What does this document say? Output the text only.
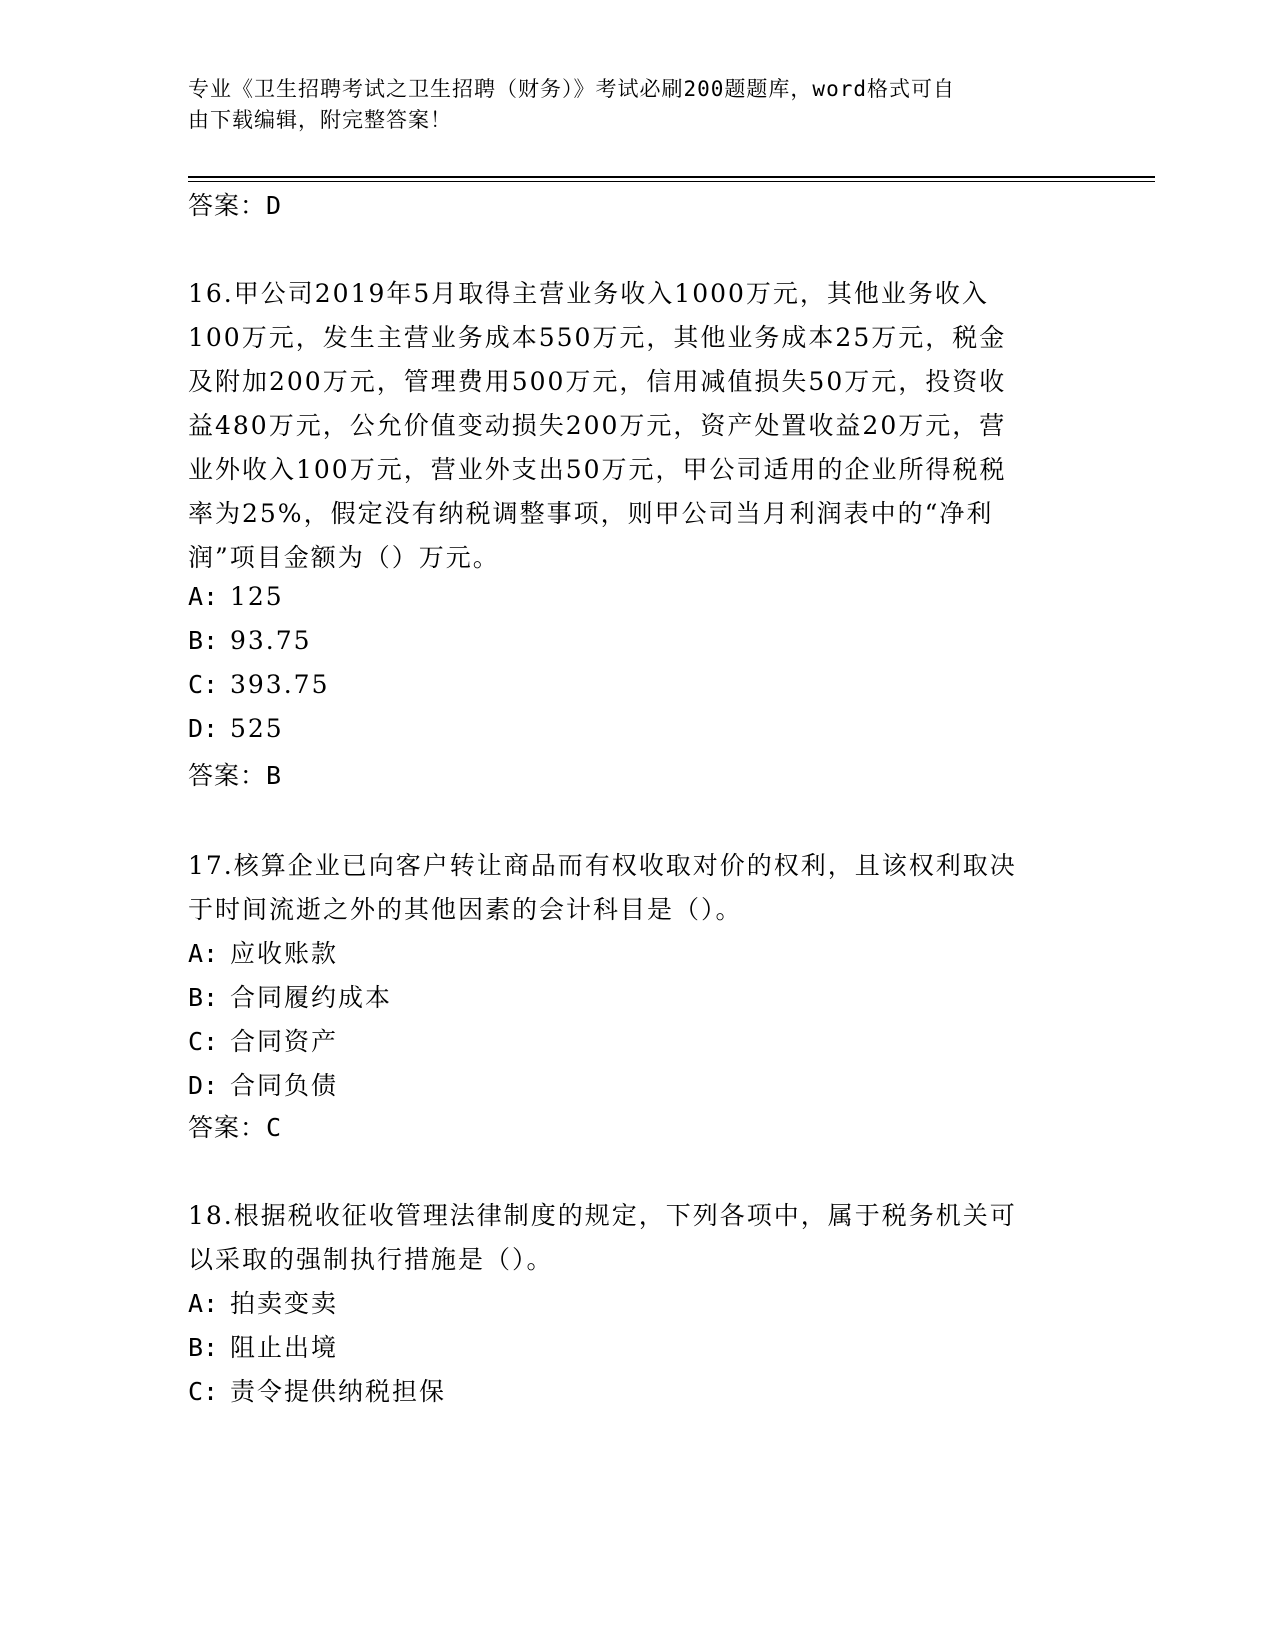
专业《卫生招聘考试之卫生招聘（财务）》考试必刷200题题库，word格式可自
由下载编辑，附完整答案！
答案：D
16.甲公司2019年5月取得主营业务收入1000万元，其他业务收入
100万元，发生主营业务成本550万元，其他业务成本25万元，税金
及附加200万元，管理费用500万元，信用减值损失50万元，投资收
益480万元，公允价值变动损失200万元，资产处置收益20万元，营
业外收入100万元，营业外支出50万元，甲公司适用的企业所得税税
率为25%，假定没有纳税调整事项，则甲公司当月利润表中的“净利
润”项目金额为（）万元。
A: 125
B: 93.75
C: 393.75
D: 525
答案：B
17.核算企业已向客户转让商品而有权收取对价的权利，且该权利取决
于时间流逝之外的其他因素的会计科目是（）。
A: 应收账款
B: 合同履约成本
C: 合同资产
D: 合同负债
答案：C
18.根据税收征收管理法律制度的规定，下列各项中，属于税务机关可
以采取的强制执行措施是（）。
A: 拍卖变卖
B: 阻止出境
C: 责令提供纳税担保
